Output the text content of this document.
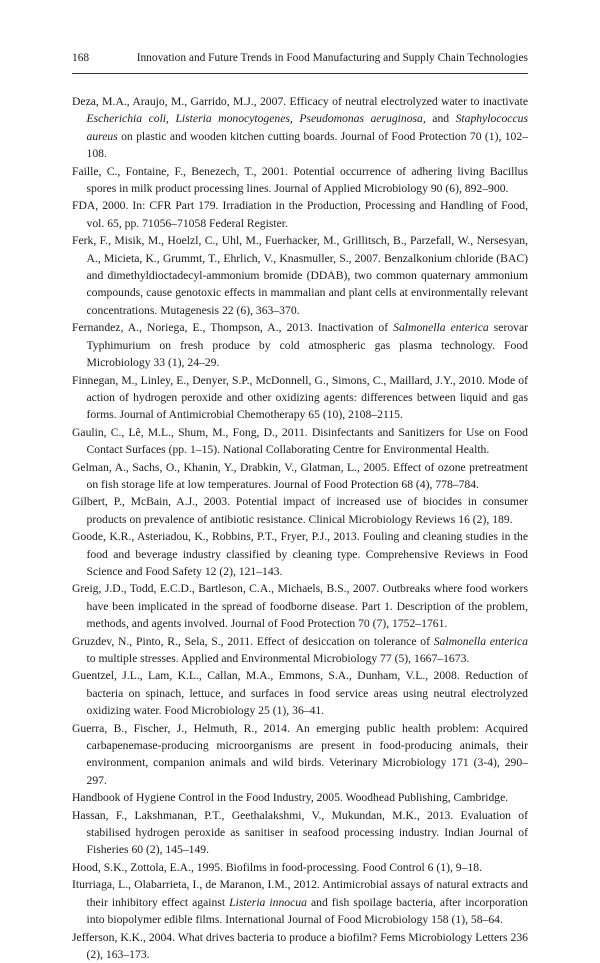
168	Innovation and Future Trends in Food Manufacturing and Supply Chain Technologies

Deza, M.A., Araujo, M., Garrido, M.J., 2007. Efficacy of neutral electrolyzed water to inactivate Escherichia coli, Listeria monocytogenes, Pseudomonas aeruginosa, and Staphylococcus aureus on plastic and wooden kitchen cutting boards. Journal of Food Protection 70 (1), 102–108.

Faille, C., Fontaine, F., Benezech, T., 2001. Potential occurrence of adhering living Bacillus spores in milk product processing lines. Journal of Applied Microbiology 90 (6), 892–900.

FDA, 2000. In: CFR Part 179. Irradiation in the Production, Processing and Handling of Food, vol. 65, pp. 71056–71058 Federal Register.

Ferk, F., Misik, M., Hoelzl, C., Uhl, M., Fuerhacker, M., Grillitsch, B., Parzefall, W., Nersesyan, A., Micieta, K., Grummt, T., Ehrlich, V., Knasmuller, S., 2007. Benzalkonium chloride (BAC) and dimethyldioctadecyl-ammonium bromide (DDAB), two common quaternary ammonium compounds, cause genotoxic effects in mammalian and plant cells at environmentally relevant concentrations. Mutagenesis 22 (6), 363–370.

Fernandez, A., Noriega, E., Thompson, A., 2013. Inactivation of Salmonella enterica serovar Typhimurium on fresh produce by cold atmospheric gas plasma technology. Food Microbiology 33 (1), 24–29.

Finnegan, M., Linley, E., Denyer, S.P., McDonnell, G., Simons, C., Maillard, J.Y., 2010. Mode of action of hydrogen peroxide and other oxidizing agents: differences between liquid and gas forms. Journal of Antimicrobial Chemotherapy 65 (10), 2108–2115.

Gaulin, C., Lê, M.L., Shum, M., Fong, D., 2011. Disinfectants and Sanitizers for Use on Food Contact Surfaces (pp. 1–15). National Collaborating Centre for Environmental Health.

Gelman, A., Sachs, O., Khanin, Y., Drabkin, V., Glatman, L., 2005. Effect of ozone pretreatment on fish storage life at low temperatures. Journal of Food Protection 68 (4), 778–784.

Gilbert, P., McBain, A.J., 2003. Potential impact of increased use of biocides in consumer products on prevalence of antibiotic resistance. Clinical Microbiology Reviews 16 (2), 189.

Goode, K.R., Asteriadou, K., Robbins, P.T., Fryer, P.J., 2013. Fouling and cleaning studies in the food and beverage industry classified by cleaning type. Comprehensive Reviews in Food Science and Food Safety 12 (2), 121–143.

Greig, J.D., Todd, E.C.D., Bartleson, C.A., Michaels, B.S., 2007. Outbreaks where food workers have been implicated in the spread of foodborne disease. Part 1. Description of the problem, methods, and agents involved. Journal of Food Protection 70 (7), 1752–1761.

Gruzdev, N., Pinto, R., Sela, S., 2011. Effect of desiccation on tolerance of Salmonella enterica to multiple stresses. Applied and Environmental Microbiology 77 (5), 1667–1673.

Guentzel, J.L., Lam, K.L., Callan, M.A., Emmons, S.A., Dunham, V.L., 2008. Reduction of bacteria on spinach, lettuce, and surfaces in food service areas using neutral electrolyzed oxidizing water. Food Microbiology 25 (1), 36–41.

Guerra, B., Fischer, J., Helmuth, R., 2014. An emerging public health problem: Acquired carbapenemase-producing microorganisms are present in food-producing animals, their environment, companion animals and wild birds. Veterinary Microbiology 171 (3-4), 290–297.

Handbook of Hygiene Control in the Food Industry, 2005. Woodhead Publishing, Cambridge.

Hassan, F., Lakshmanan, P.T., Geethalakshmi, V., Mukundan, M.K., 2013. Evaluation of stabilised hydrogen peroxide as sanitiser in seafood processing industry. Indian Journal of Fisheries 60 (2), 145–149.

Hood, S.K., Zottola, E.A., 1995. Biofilms in food-processing. Food Control 6 (1), 9–18.

Iturriaga, L., Olabarrieta, I., de Maranon, I.M., 2012. Antimicrobial assays of natural extracts and their inhibitory effect against Listeria innocua and fish spoilage bacteria, after incorporation into biopolymer edible films. International Journal of Food Microbiology 158 (1), 58–64.

Jefferson, K.K., 2004. What drives bacteria to produce a biofilm? Fems Microbiology Letters 236 (2), 163–173.
